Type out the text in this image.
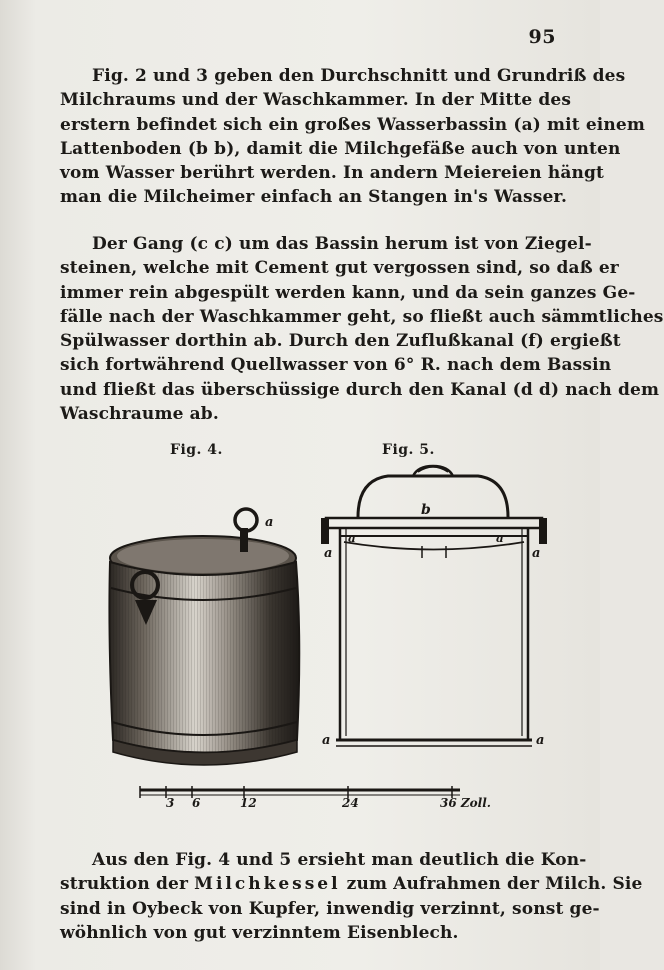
95
Fig. 2 und 3 geben den Durchschnitt und Grundriß des
Milchraums und der Waschkammer. In der Mitte des
erstern befindet sich ein großes Wasserbassin (a) mit einem
Lattenboden (b b), damit die Milchgefäße auch von unten
vom Wasser berührt werden. In andern Meiereien hängt
man die Milcheimer einfach an Stangen in's Wasser.
Der Gang (c c) um das Bassin herum ist von Ziegel-
steinen, welche mit Cement gut vergossen sind, so daß er
immer rein abgespült werden kann, und da sein ganzes Ge-
fälle nach der Waschkammer geht, so fließt auch sämmtliches
Spülwasser dorthin ab. Durch den Zuflußkanal (f) ergießt
sich fortwährend Quellwasser von 6° R. nach dem Bassin
und fließt das überschüssige durch den Kanal (d d) nach dem
Waschraume ab.
Fig. 4.	Fig. 5.
a
b
a	a
a	a
a	a
3 6	12	24	36 Zoll.
Aus den Fig. 4 und 5 ersieht man deutlich die Kon-
struktion der Milchkessel zum Aufrahmen der Milch. Sie
sind in Oybeck von Kupfer, inwendig verzinnt, sonst ge-
wöhnlich von gut verzinntem Eisenblech.
